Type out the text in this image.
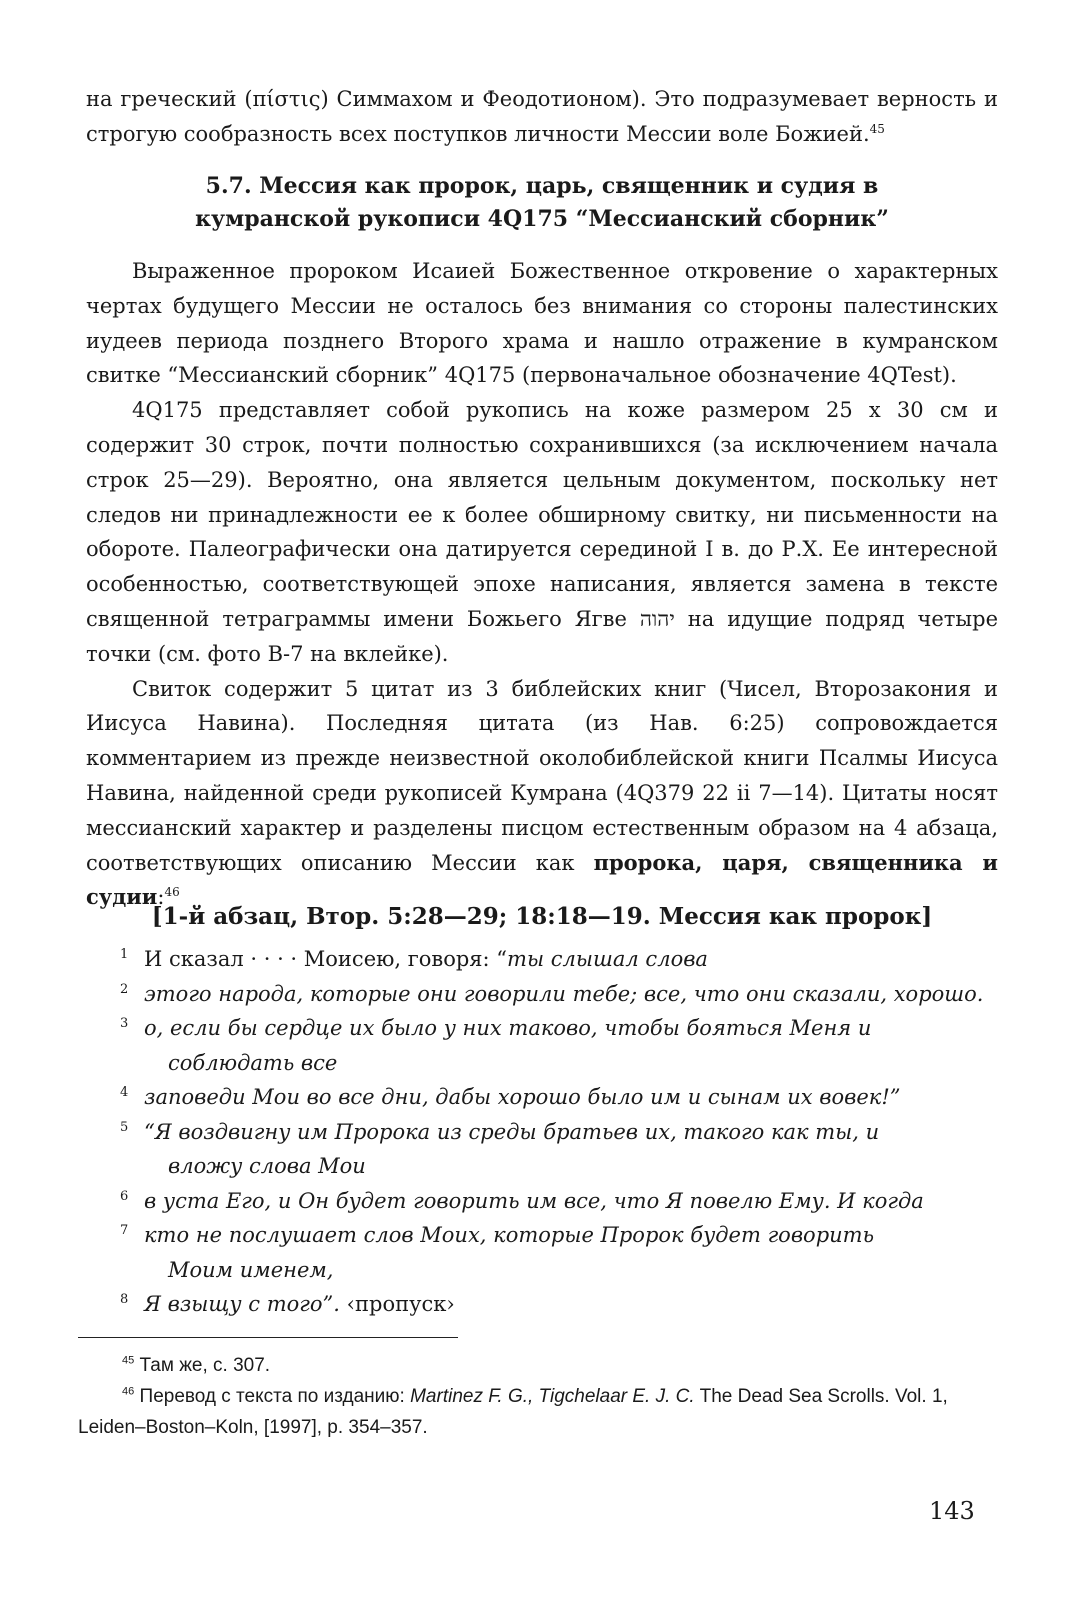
на греческий (πίστις) Симмахом и Феодотионом). Это подразумевает верность и строгую сообразность всех поступков личности Мессии воле Божией.$^{45}$

5.7. Мессия как пророк, царь, священник и судия в
кумранской рукописи 4Q175 “Мессианский сборник”

Выраженное пророком Исаией Божественное откровение о характерных чертах будущего Мессии не осталось без внимания со стороны палестинских иудеев периода позднего Второго храма и нашло отражение в кумранском свитке “Мессианский сборник” 4Q175 (первоначальное обозначение 4QTest).

4Q175 представляет собой рукопись на коже размером 25 x 30 см и содержит 30 строк, почти полностью сохранившихся (за исключением начала строк 25—29). Вероятно, она является цельным документом, поскольку нет следов ни принадлежности ее к более обширному свитку, ни письменности на обороте. Палеографически она датируется серединой I в. до Р.Х. Ее интересной особенностью, соответствующей эпохе написания, является замена в тексте священной тетраграммы имени Божьего Ягве יהוה на идущие подряд четыре точки (см. фото В-7 на вклейке).

Свиток содержит 5 цитат из 3 библейских книг (Чисел, Второзакония и Иисуса Навина). Последняя цитата (из Нав. 6:25) сопровождается комментарием из прежде неизвестной околобиблейской книги Псалмы Иисуса Навина, найденной среди рукописей Кумрана (4Q379 22 ii 7—14). Цитаты носят мессианский характер и разделены писцом естественным образом на 4 абзаца, соответствующих описанию Мессии как пророка, царя, священника и судии:$^{46}$

[1-й абзац, Втор. 5:28—29; 18:18—19. Мессия как пророк]
1 И сказал · · · · Моисею, говоря: “ты слышал слова
2 этого народа, которые они говорили тебе; все, что они сказали, хорошо.
3 о, если бы сердце их было у них таково, чтобы бояться Меня и
соблюдать все
4 заповеди Мои во все дни, дабы хорошо было им и сынам их вовек!”
5 “Я воздвигну им Пророка из среды братьев их, такого как ты, и
вложу слова Мои
6 в уста Его, и Он будет говорить им все, что Я повелю Ему. И когда
7 кто не послушает слов Моих, которые Пророк будет говорить
Моим именем,
8 Я взыщу с того”. ‹пропуск›
$^{45}$ Там же, с. 307.
$^{46}$ Перевод с текста по изданию: Martinez F. G., Tigchelaar E. J. C. The Dead Sea Scrolls. Vol. 1, Leiden–Boston–Koln, [1997], p. 354–357.
143
